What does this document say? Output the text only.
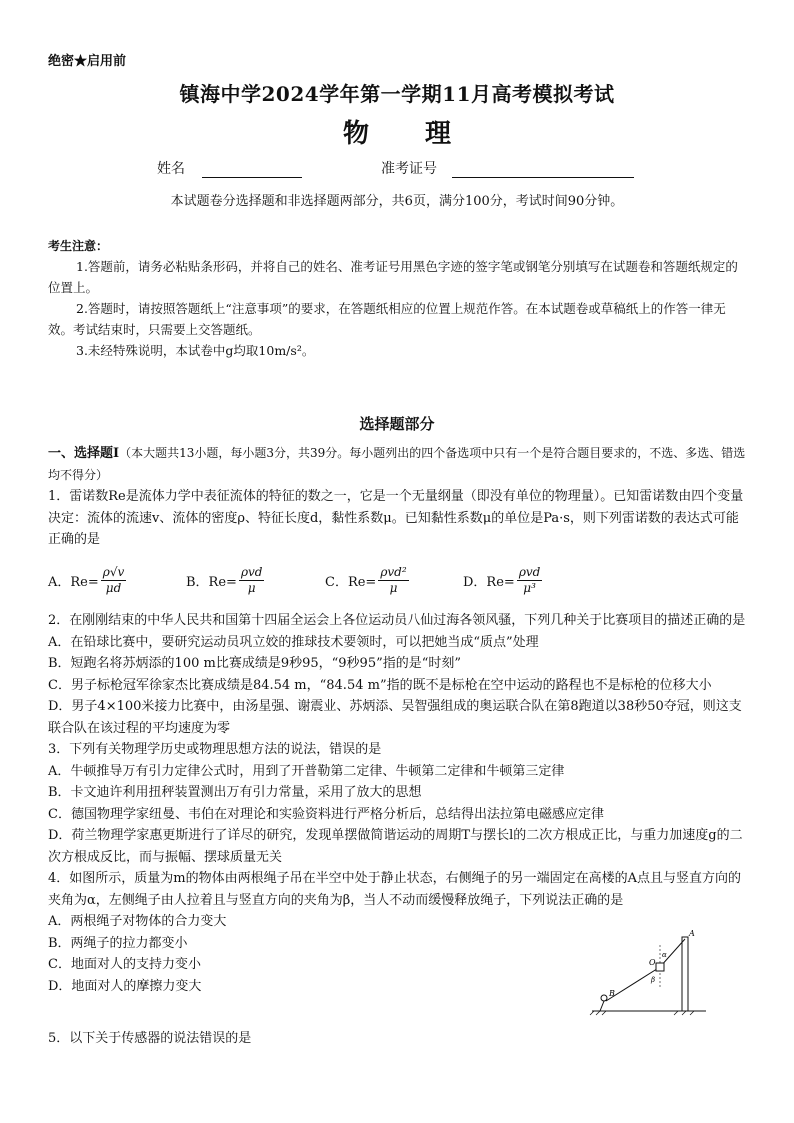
绝密★启用前
镇海中学2024学年第一学期11月高考模拟考试
物 理
姓名	准考证号
本试题卷分选择题和非选择题两部分，共6页，满分100分，考试时间90分钟。
考生注意：

1.答题前，请务必粘贴条形码，并将自己的姓名、准考证号用黑色字迹的签字笔或钢笔分别填写在试题卷和答题纸规定的位置上。

2.答题时，请按照答题纸上“注意事项”的要求，在答题纸相应的位置上规范作答。在本试题卷或草稿纸上的作答一律无效。考试结束时，只需要上交答题纸。

3.未经特殊说明，本试卷中g均取10m/s²。

选择题部分

一、选择题Ⅰ（本大题共13小题，每小题3分，共39分。每小题列出的四个备选项中只有一个是符合题目要求的，不选、多选、错选均不得分）

1．雷诺数Re是流体力学中表征流体的特征的数之一，它是一个无量纲量（即没有单位的物理量）。已知雷诺数由四个变量决定：流体的流速v、流体的密度ρ、特征长度d，黏性系数μ。已知黏性系数μ的单位是Pa·s，则下列雷诺数的表达式可能正确的是

A．$Re= \frac{\rho√v}{\mu d}$	B．$Re= \frac{\text{ρvd}}{\mu}$	C．$Re= \frac{\text{ρvd²}}{\mu}$	D．$Re= \frac{\text{ρvd}}{\text{μ³}}$

2．在刚刚结束的中华人民共和国第十四届全运会上各位运动员八仙过海各领风骚，下列几种关于比赛项目的描述正确的是

A．在铅球比赛中，要研究运动员巩立姣的推球技术要领时，可以把她当成“质点”处理

B．短跑名将苏炳添的100 m比赛成绩是9秒95，“9秒95”指的是“时刻”

C．男子标枪冠军徐家杰比赛成绩是84.54 m，“84.54 m”指的既不是标枪在空中运动的路程也不是标枪的位移大小

D．男子4×100米接力比赛中，由汤星强、谢震业、苏炳添、吴智强组成的奥运联合队在第8跑道以38秒50夺冠，则这支联合队在该过程的平均速度为零

3．下列有关物理学历史或物理思想方法的说法，错误的是

A．牛顿推导万有引力定律公式时，用到了开普勒第二定律、牛顿第二定律和牛顿第三定律

B．卡文迪许利用扭秤装置测出万有引力常量，采用了放大的思想

C．德国物理学家纽曼、韦伯在对理论和实验资料进行严格分析后，总结得出法拉第电磁感应定律

D．荷兰物理学家惠更斯进行了详尽的研究，发现单摆做简谐运动的周期T与摆长l的二次方根成正比，与重力加速度g的二次方根成反比，而与振幅、摆球质量无关

4．如图所示，质量为m的物体由两根绳子吊在半空中处于静止状态，右侧绳子的另一端固定在高楼的A点且与竖直方向的夹角为α，左侧绳子由人拉着且与竖直方向的夹角为β，当人不动而缓慢释放绳子，下列说法正确的是

A．两根绳子对物体的合力变大

B．两绳子的拉力都变小

C．地面对人的支持力变小

D．地面对人的摩擦力变大

A
O
α
β
B

5．以下关于传感器的说法错误的是
